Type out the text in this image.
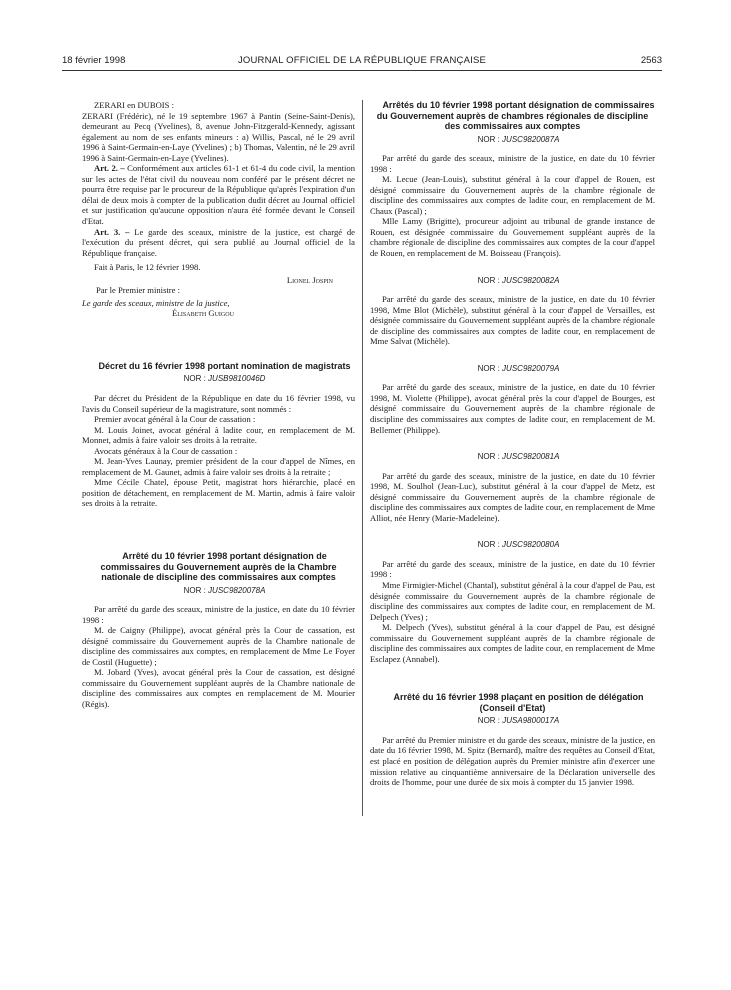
18 février 1998	JOURNAL OFFICIEL DE LA RÉPUBLIQUE FRANÇAISE	2563

ZERARI en DUBOIS :

ZERARI (Frédéric), né le 19 septembre 1967 à Pantin (Seine-Saint-Denis), demeurant au Pecq (Yvelines), 8, avenue John-Fitzgerald-Kennedy, agissant également au nom de ses enfants mineurs : a) Willis, Pascal, né le 29 avril 1996 à Saint-Germain-en-Laye (Yvelines) ; b) Thomas, Valentin, né le 29 avril 1996 à Saint-Germain-en-Laye (Yvelines).

Art. 2. – Conformément aux articles 61-1 et 61-4 du code civil, la mention sur les actes de l'état civil du nouveau nom conféré par le présent décret ne pourra être requise par le procureur de la République qu'après l'expiration d'un délai de deux mois à compter de la publication dudit décret au Journal officiel et sur justification qu'aucune opposition n'aura été formée devant le Conseil d'Etat.

Art. 3. – Le garde des sceaux, ministre de la justice, est chargé de l'exécution du présent décret, qui sera publié au Journal officiel de la République française.

Fait à Paris, le 12 février 1998.

Lionel Jospin

Par le Premier ministre :

Le garde des sceaux, ministre de la justice,

Élisabeth Guigou

Décret du 16 février 1998 portant nomination de magistrats

NOR : JUSB9810046D

Par décret du Président de la République en date du 16 février 1998, vu l'avis du Conseil supérieur de la magistrature, sont nommés :

Premier avocat général à la Cour de cassation :

M. Louis Joinet, avocat général à ladite cour, en remplacement de M. Monnet, admis à faire valoir ses droits à la retraite.

Avocats généraux à la Cour de cassation :

M. Jean-Yves Launay, premier président de la cour d'appel de Nîmes, en remplacement de M. Gaunet, admis à faire valoir ses droits à la retraite ;

Mme Cécile Chatel, épouse Petit, magistrat hors hiérarchie, placé en position de détachement, en remplacement de M. Martin, admis à faire valoir ses droits à la retraite.

Arrêté du 10 février 1998 portant désignation de commissaires du Gouvernement auprès de la Chambre nationale de discipline des commissaires aux comptes

NOR : JUSC9820078A

Par arrêté du garde des sceaux, ministre de la justice, en date du 10 février 1998 :

M. de Caigny (Philippe), avocat général près la Cour de cassation, est désigné commissaire du Gouvernement auprès de la Chambre nationale de discipline des commissaires aux comptes, en remplacement de Mme Le Foyer de Costil (Huguette) ;

M. Jobard (Yves), avocat général près la Cour de cassation, est désigné commissaire du Gouvernement suppléant auprès de la Chambre nationale de discipline des commissaires aux comptes en remplacement de M. Mourier (Régis).

Arrêtés du 10 février 1998 portant désignation de commissaires du Gouvernement auprès de chambres régionales de discipline des commissaires aux comptes

NOR : JUSC9820087A

Par arrêté du garde des sceaux, ministre de la justice, en date du 10 février 1998 :

M. Lecue (Jean-Louis), substitut général à la cour d'appel de Rouen, est désigné commissaire du Gouvernement auprès de la chambre régionale de discipline des commissaires aux comptes de ladite cour, en remplacement de M. Chaux (Pascal) ;

Mlle Lamy (Brigitte), procureur adjoint au tribunal de grande instance de Rouen, est désignée commissaire du Gouvernement suppléant auprès de la chambre régionale de discipline des commissaires aux comptes de la cour d'appel de Rouen, en remplacement de M. Boisseau (François).

NOR : JUSC9820082A

Par arrêté du garde des sceaux, ministre de la justice, en date du 10 février 1998, Mme Blot (Michèle), substitut général à la cour d'appel de Versailles, est désignée commissaire du Gouvernement suppléant auprès de la chambre régionale de discipline des commissaires aux comptes de ladite cour, en remplacement de Mme Salvat (Michèle).

NOR : JUSC9820079A

Par arrêté du garde des sceaux, ministre de la justice, en date du 10 février 1998, M. Violette (Philippe), avocat général près la cour d'appel de Bourges, est désigné commissaire du Gouvernement auprès de la chambre régionale de discipline des commissaires aux comptes de ladite cour, en remplacement de M. Bellemer (Philippe).

NOR : JUSC9820081A

Par arrêté du garde des sceaux, ministre de la justice, en date du 10 février 1998, M. Soulhol (Jean-Luc), substitut général à la cour d'appel de Metz, est désigné commissaire du Gouvernement auprès de la chambre régionale de discipline des commissaires aux comptes de ladite cour, en remplacement de Mme Alliot, née Henry (Marie-Madeleine).

NOR : JUSC9820080A

Par arrêté du garde des sceaux, ministre de la justice, en date du 10 février 1998 :

Mme Firmigier-Michel (Chantal), substitut général à la cour d'appel de Pau, est désignée commissaire du Gouvernement auprès de la chambre régionale de discipline des commissaires aux comptes de ladite cour, en remplacement de M. Delpech (Yves) ;

M. Delpech (Yves), substitut général à la cour d'appel de Pau, est désigné commissaire du Gouvernement suppléant auprès de la chambre régionale de discipline des commissaires aux comptes de ladite cour, en remplacement de Mme Esclapez (Annabel).

Arrêté du 16 février 1998 plaçant en position de délégation (Conseil d'Etat)

NOR : JUSA9800017A

Par arrêté du Premier ministre et du garde des sceaux, ministre de la justice, en date du 16 février 1998, M. Spitz (Bernard), maître des requêtes au Conseil d'Etat, est placé en position de délégation auprès du Premier ministre afin d'exercer une mission relative au cinquantième anniversaire de la Déclaration universelle des droits de l'homme, pour une durée de six mois à compter du 15 janvier 1998.
